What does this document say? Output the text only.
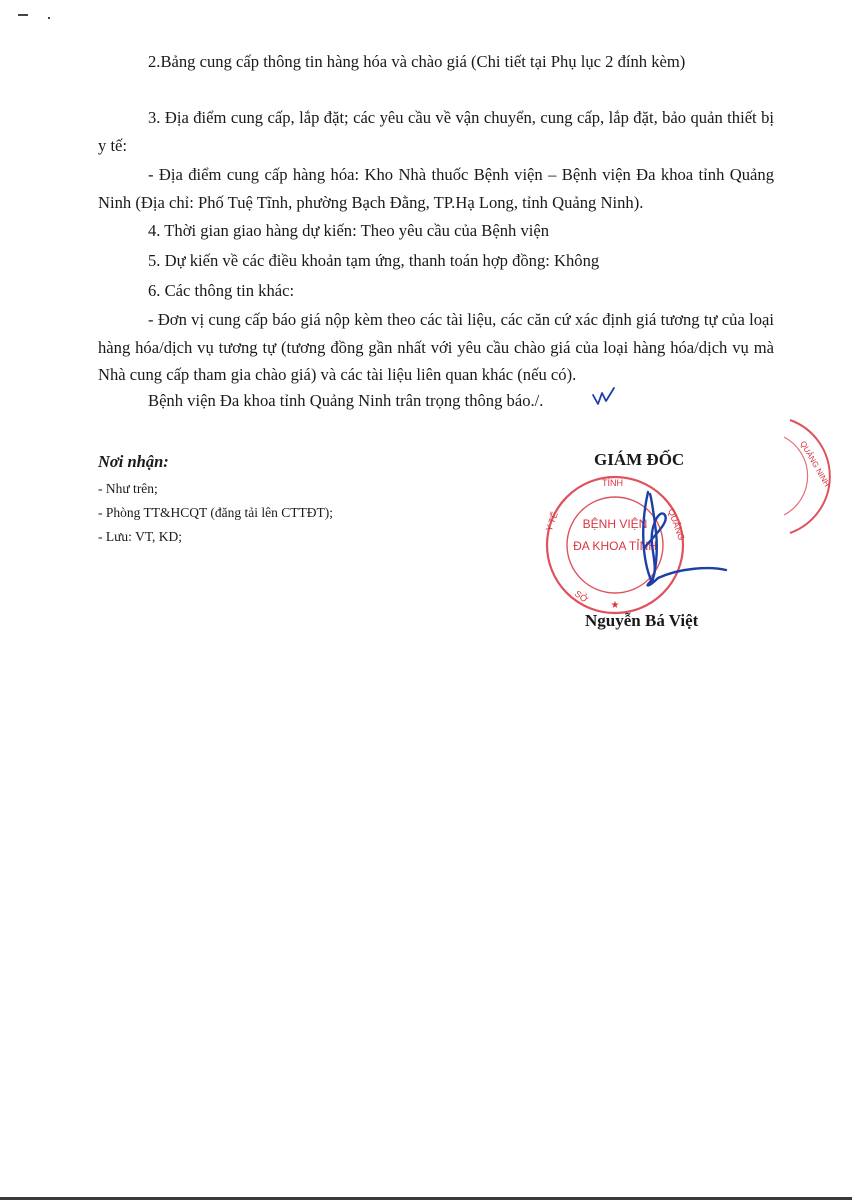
2.Bảng cung cấp thông tin hàng hóa và chào giá (Chi tiết tại Phụ lục 2 đính kèm)

3. Địa điểm cung cấp, lắp đặt; các yêu cầu về vận chuyển, cung cấp, lắp đặt, bảo quản thiết bị y tế:

- Địa điểm cung cấp hàng hóa: Kho Nhà thuốc Bệnh viện – Bệnh viện Đa khoa tỉnh Quảng Ninh (Địa chỉ: Phố Tuệ Tĩnh, phường Bạch Đằng, TP.Hạ Long, tỉnh Quảng Ninh).

4. Thời gian giao hàng dự kiến: Theo yêu cầu của Bệnh viện

5. Dự kiến về các điều khoản tạm ứng, thanh toán hợp đồng: Không

6. Các thông tin khác:

- Đơn vị cung cấp báo giá nộp kèm theo các tài liệu, các căn cứ xác định giá tương tự của loại hàng hóa/dịch vụ tương tự (tương đồng gần nhất với yêu cầu chào giá của loại hàng hóa/dịch vụ mà Nhà cung cấp tham gia chào giá) và các tài liệu liên quan khác (nếu có).

Bệnh viện Đa khoa tỉnh Quảng Ninh trân trọng thông báo./.

Nơi nhận:

- Như trên;

- Phòng TT&HCQT (đăng tải lên CTTĐT);

- Lưu: VT, KD;

GIÁM ĐỐC

TỈNH
Y TẾ	QUẢNG
SỞ
★
BỆNH VIỆN
ĐA KHOA TỈNH
QUẢNG NINH

Nguyễn Bá Việt
